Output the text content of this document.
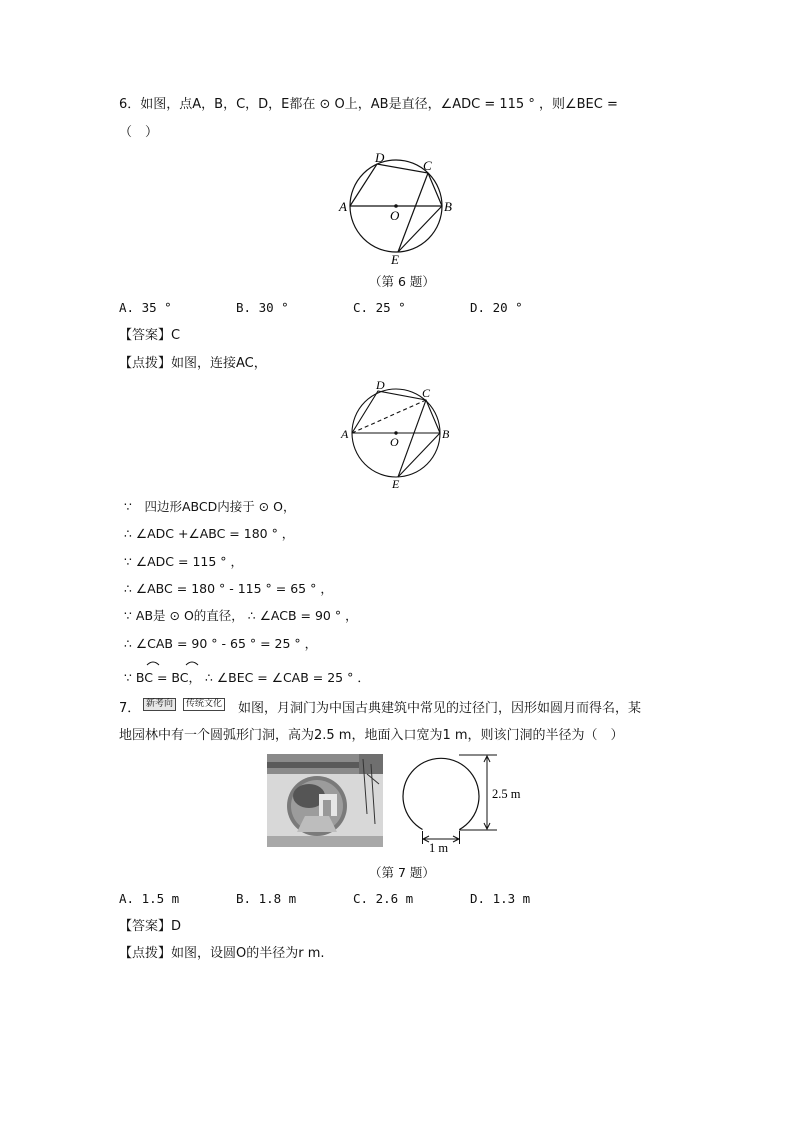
6．如图，点A，B，C，D，E都在 ⊙ O上，AB是直径，∠ADC = 115 ° ，则∠BEC =
（　）
A	B
C
D
E
O
（第 6 题）
A. 35 °	B. 30 °	C. 25 °	D. 20 °
【答案】C
【点拨】如图，连接AC，
A	B
C
D
E
O
∵　四边形ABCD内接于 ⊙ O，
∴ ∠ADC +∠ABC = 180 ° ，
∵ ∠ADC = 115 ° ，
∴ ∠ABC = 180 ° - 115 ° = 65 ° ，
∵ AB是 ⊙ O的直径， ∴ ∠ACB = 90 ° ，
∴ ∠CAB = 90 ° - 65 ° = 25 ° ，
∵ BC = BC， ∴ ∠BEC = ∠CAB = 25 ° ．
7． 新考向	传统文化 如图，月洞门为中国古典建筑中常见的过径门，因形如圆月而得名，某
地园林中有一个圆弧形门洞，高为2.5 m，地面入口宽为1 m，则该门洞的半径为（　）
2.5 m
1 m
（第 7 题）
A. 1.5 m	B. 1.8 m	C. 2.6 m	D. 1.3 m
【答案】D
【点拨】如图，设圆O的半径为r m.
